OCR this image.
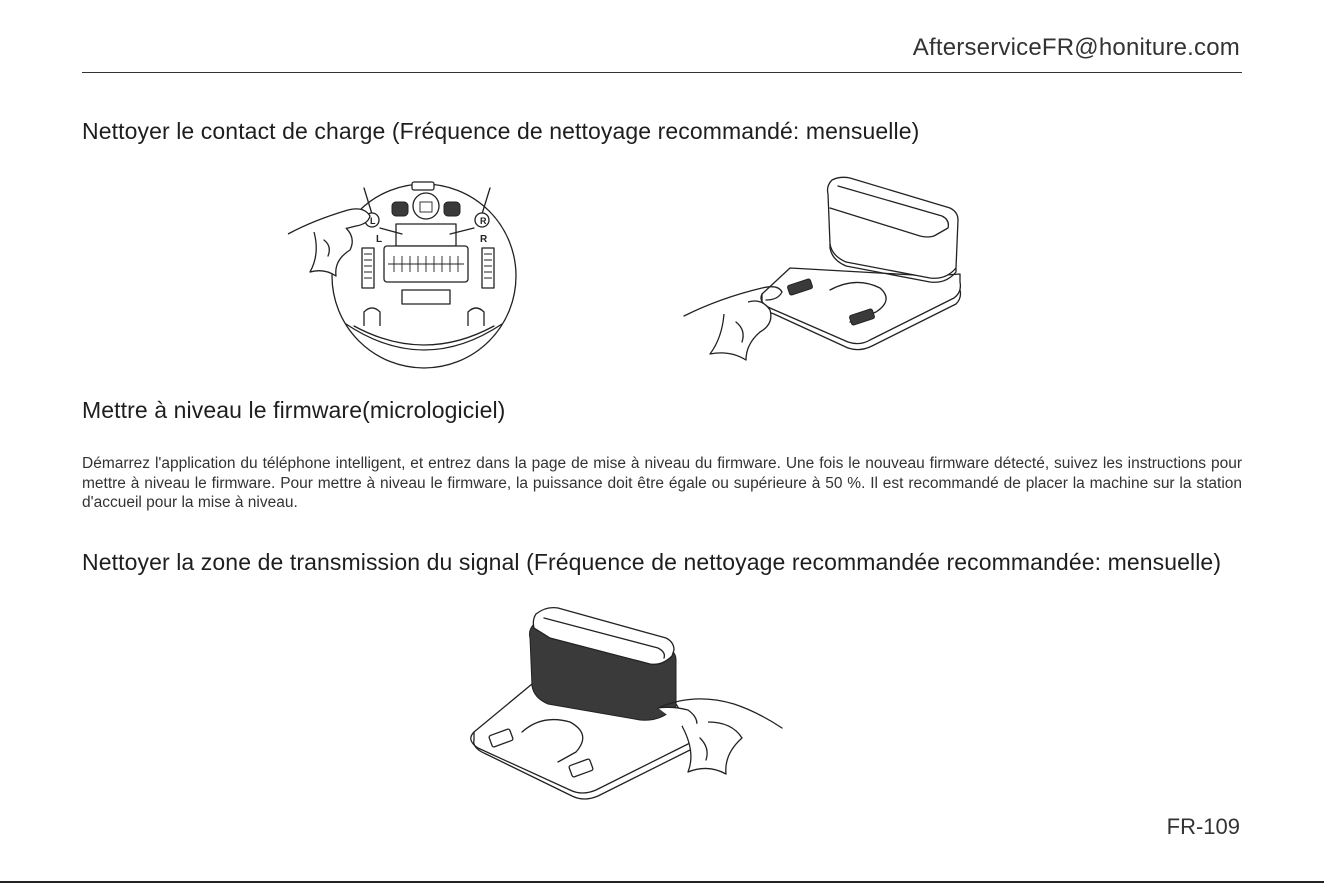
AfterserviceFR@honiture.com
Nettoyer le contact de charge (Fréquence de nettoyage recommandé: mensuelle)
L	R
L	R
Mettre à niveau le firmware(micrologiciel)

Démarrez l'application du téléphone intelligent, et entrez dans la page de mise à niveau du firmware. Une fois le nouveau firmware détecté, suivez les instructions pour mettre à niveau le firmware. Pour mettre à niveau le firmware, la puissance doit être égale ou supérieure à 50 %. Il est recommandé de placer la machine sur la station d'accueil pour la mise à niveau.

Nettoyer la zone de transmission du signal (Fréquence de nettoyage recommandée recommandée: mensuelle)
FR-109
